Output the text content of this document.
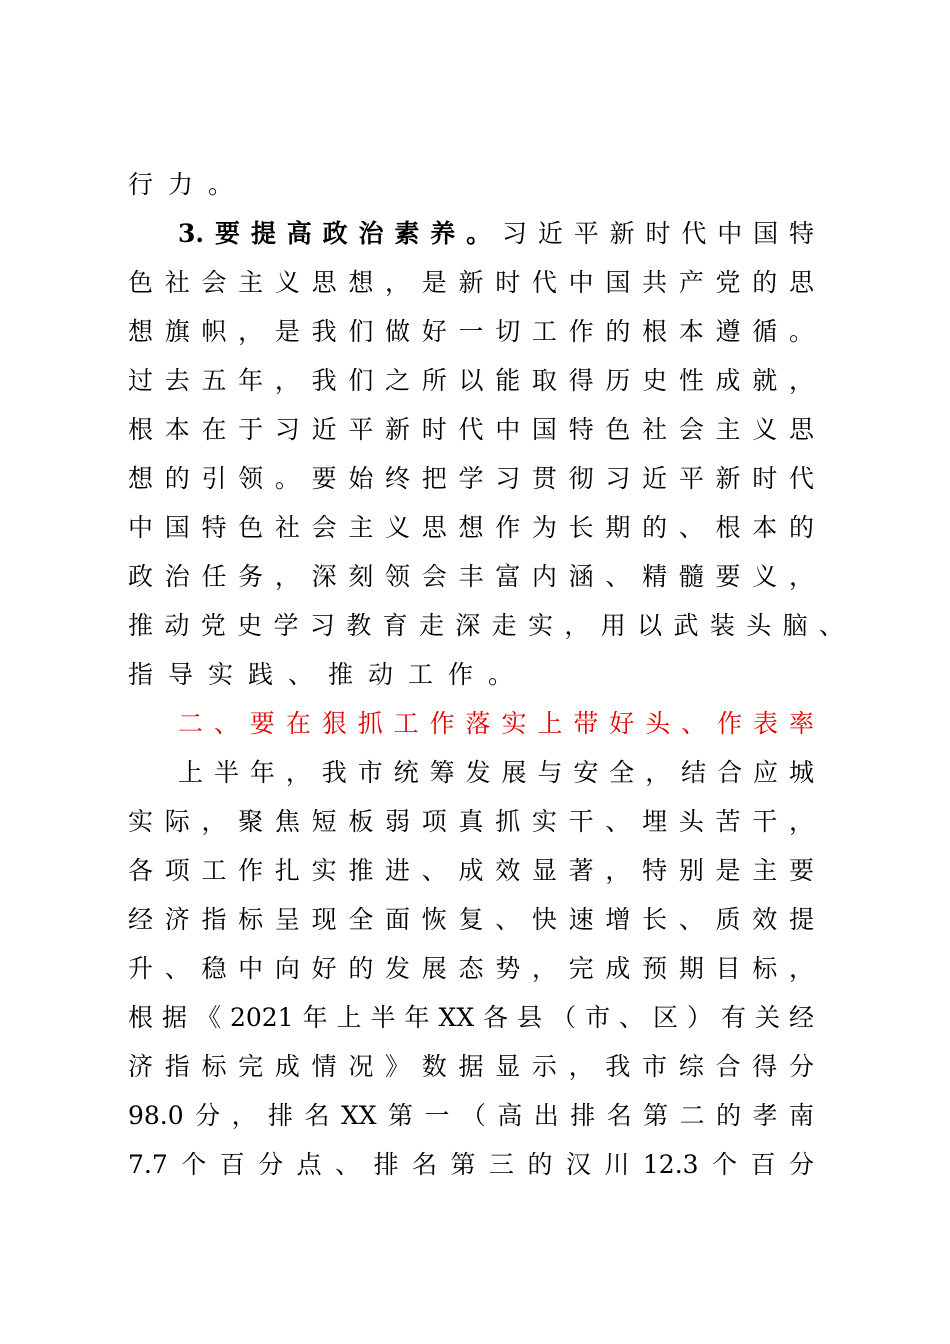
行力。
3.要提高政治素养。习近平新时代中国特
色社会主义思想，是新时代中国共产党的思
想旗帜，是我们做好一切工作的根本遵循。
过去五年，我们之所以能取得历史性成就，
根本在于习近平新时代中国特色社会主义思
想的引领。要始终把学习贯彻习近平新时代
中国特色社会主义思想作为长期的、根本的
政治任务，深刻领会丰富内涵、精髓要义，
推动党史学习教育走深走实，用以武装头脑、
指导实践、推动工作。
二、要在狠抓工作落实上带好头、作表率
上半年，我市统筹发展与安全，结合应城
实际，聚焦短板弱项真抓实干、埋头苦干，
各项工作扎实推进、成效显著，特别是主要
经济指标呈现全面恢复、快速增长、质效提
升、稳中向好的发展态势，完成预期目标，
根据《2021年上半年XX各县（市、区）有关经
济指标完成情况》数据显示，我市综合得分
98.0分，排名XX第一（高出排名第二的孝南
7.7个百分点、排名第三的汉川12.3个百分
